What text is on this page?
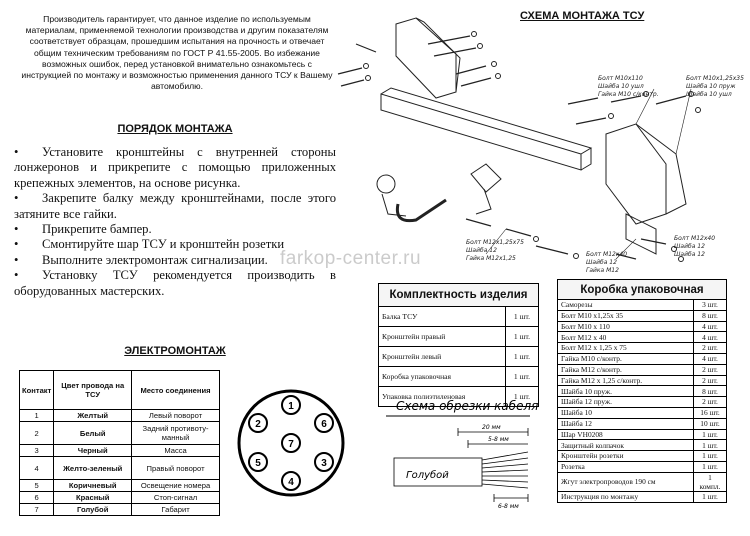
Производитель гарантирует, что данное изделие по используемым материалам, применяемой технологии производства и другим показателям соответствует образцам, прошедшим испытания на прочность и отвечает общим техническим требованиям по ГОСТ Р 41.55-2005. Во избежание возможных ошибок, перед установкой внимательно ознакомьтесь с инструкцией по монтажу и возможностью применения данного ТСУ к Вашему автомобилю.
СХЕМА МОНТАЖА ТСУ
ПОРЯДОК МОНТАЖА
• Установите кронштейны с внутренней стороны лонжеронов и прикрепите с помощью приложенных крепежных элементов, на основе рисунка.
• Закрепите балку между кронштейнами, после этого затяните все гайки.
• Прикрепите бампер.
• Смонтируйте шар ТСУ и кронштейн розетки
• Выполните электромонтаж сигнализации.
• Установку ТСУ рекомендуется производить в оборудованных мастерских.
farkop-center.ru
Болт М10х110
Шайба 10 ушл
Гайка М10 с/контр.
Болт М10х1,25х35
Шайба 10 пруж
Шайба 10 ушл
Болт М12х1,25х75
Шайба 12
Гайка М12х1,25
Болт М12х40
Шайба 12
Гайка М12
Болт М12х40
Шайба 12
Шайба 12
Комплектность изделия	
Балка ТСУ	1 шт.
Кронштейн правый	1 шт.
Кронштейн левый	1 шт.
Коробка упаковочная	1 шт.
Упаковка полиэтиленовая	1 шт.
Коробка упаковочная	
Саморезы	3 шт.
Болт М10 х1,25х 35	8 шт.
Болт М10 х 110	4 шт.
Болт М12 х 40	4 шт.
Болт М12 х 1,25 х 75	2 шт.
Гайка М10 с/контр.	4 шт.
Гайка М12 с/контр.	2 шт.
Гайка М12 х 1,25 с/контр.	2 шт.
Шайба 10 пруж.	8 шт.
Шайба 12 пруж.	2 шт.
Шайба 10	16 шт.
Шайба 12	10 шт.
Шар VH0208	1 шт.
Защитный колпачок	1 шт.
Кронштейн розетки	1 шт.
Розетка	1 шт.
Жгут электропроводов 190 см	1 компл.
Инструкция по монтажу	1 шт.
ЭЛЕКТРОМОНТАЖ
Контакт	Цвет провода на ТСУ	Место соединения
1	Желтый	Левый поворот
2	Белый	Задний противоту-манный
3	Черный	Масса
4	Желто-зеленый	Правый поворот
5	Коричневый	Освещение номера
6	Красный	Стоп-сигнал
7	Голубой	Габарит
1
2
3
4
5
6
7
Схема обрезки кабеля
20 мм
5-8 мм
6-8 мм
Голубой
